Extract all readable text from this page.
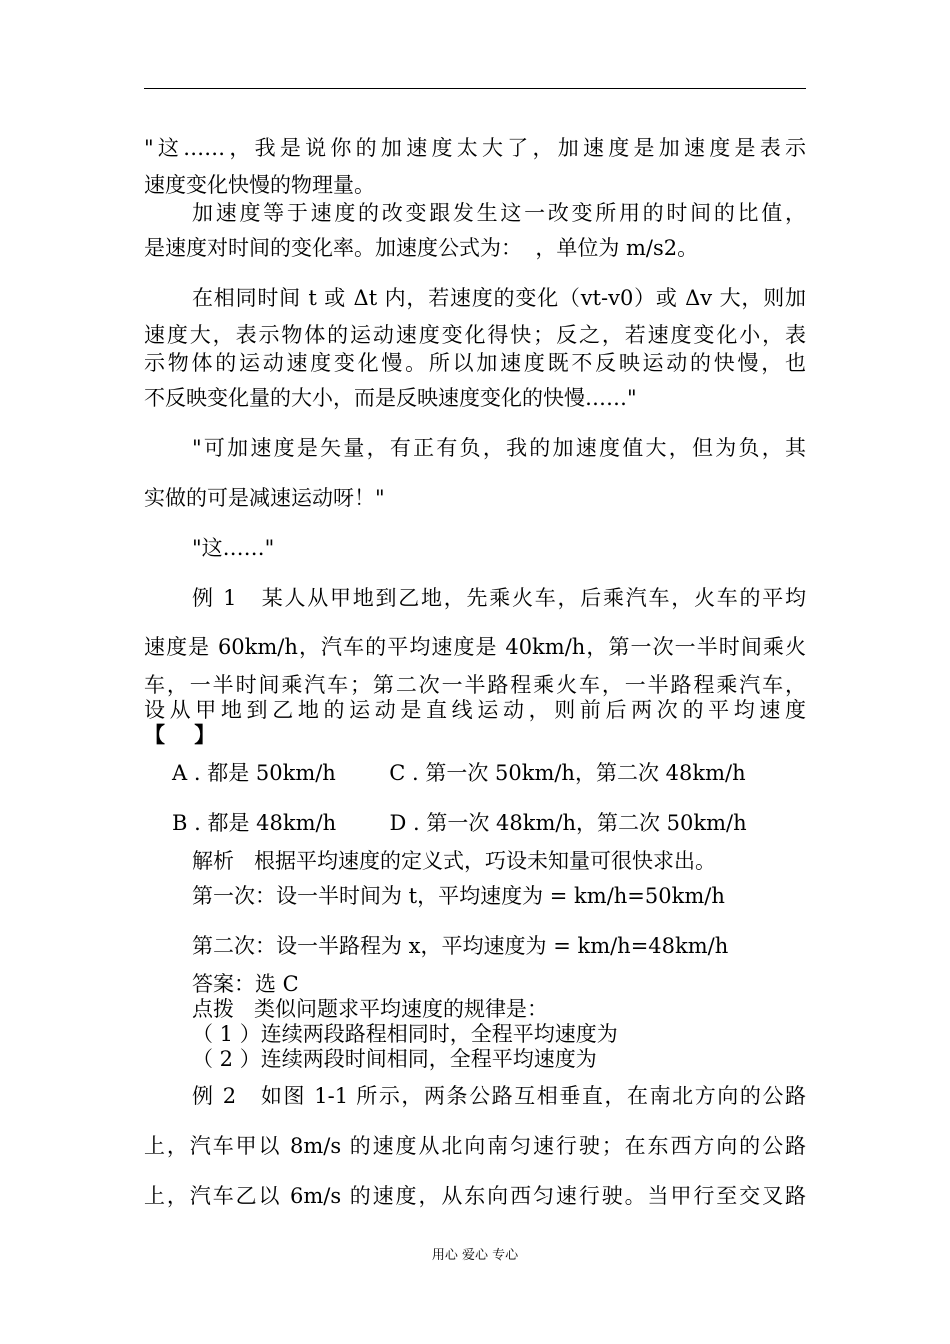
"这……，我是说你的加速度太大了，加速度是加速度是表示
速度变化快慢的物理量。
加速度等于速度的改变跟发生这一改变所用的时间的比值，
是速度对时间的变化率。加速度公式为：  ，单位为 m/s2。
在相同时间 t 或 Δt 内，若速度的变化（vt-v0）或 Δv 大，则加
速度大，表示物体的运动速度变化得快；反之，若速度变化小，表
示物体的运动速度变化慢。所以加速度既不反映运动的快慢，也
不反映变化量的大小，而是反映速度变化的快慢……"
"可加速度是矢量，有正有负，我的加速度值大，但为负，其
实做的可是减速运动呀！"
"这……"
例 1   某人从甲地到乙地，先乘火车，后乘汽车，火车的平均
速度是 60km/h，汽车的平均速度是 40km/h，第一次一半时间乘火
车，一半时间乘汽车；第二次一半路程乘火车，一半路程乘汽车，
设从甲地到乙地的运动是直线运动，则前后两次的平均速度
【    】
A . 都是 50km/h        C . 第一次 50km/h，第二次 48km/h
B . 都是 48km/h        D . 第一次 48km/h，第二次 50km/h
解析   根据平均速度的定义式，巧设未知量可很快求出。
第一次：设一半时间为 t，平均速度为 = km/h=50km/h
第二次：设一半路程为 x，平均速度为 = km/h=48km/h
答案：选 C
点拨   类似问题求平均速度的规律是：
（ 1 ）连续两段路程相同时，全程平均速度为
（ 2 ）连续两段时间相同，全程平均速度为
例 2   如图 1-1 所示，两条公路互相垂直，在南北方向的公路
上，汽车甲以 8m/s 的速度从北向南匀速行驶；在东西方向的公路
上，汽车乙以 6m/s 的速度，从东向西匀速行驶。当甲行至交叉路
用心 爱心 专心
